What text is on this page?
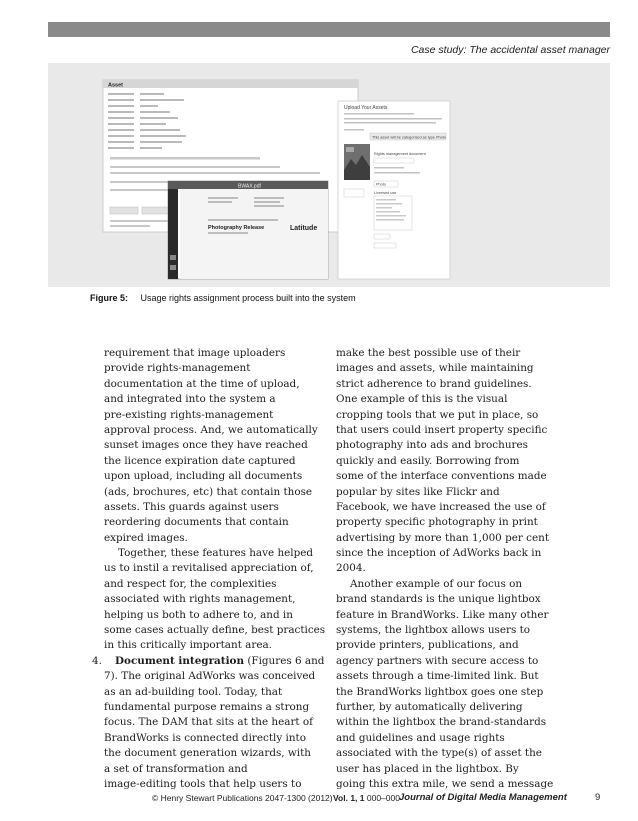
Case study: The accidental asset manager
Asset
BWAX.pdf
Photography Release	Latitude
Upload Your Assets
This asset will be categorised as type Photo
Rights management document
Photo
Licensed use
Figure 5: Usage rights assignment process built into the system
requirement that image uploaders
provide rights-management
documentation at the time of upload,
and integrated into the system a
pre-existing rights-management
approval process. And, we automatically
sunset images once they have reached
the licence expiration date captured
upon upload, including all documents
(ads, brochures, etc) that contain those
assets. This guards against users
reordering documents that contain
expired images.
Together, these features have helped
us to instil a revitalised appreciation of,
and respect for, the complexities
associated with rights management,
helping us both to adhere to, and in
some cases actually define, best practices
in this critically important area.
4. Document integration (Figures 6 and
7). The original AdWorks was conceived
as an ad-building tool. Today, that
fundamental purpose remains a strong
focus. The DAM that sits at the heart of
BrandWorks is connected directly into
the document generation wizards, with
a set of transformation and
image-editing tools that help users to
make the best possible use of their
images and assets, while maintaining
strict adherence to brand guidelines.
One example of this is the visual
cropping tools that we put in place, so
that users could insert property specific
photography into ads and brochures
quickly and easily. Borrowing from
some of the interface conventions made
popular by sites like Flickr and
Facebook, we have increased the use of
property specific photography in print
advertising by more than 1,000 per cent
since the inception of AdWorks back in
2004.
Another example of our focus on
brand standards is the unique lightbox
feature in BrandWorks. Like many other
systems, the lightbox allows users to
provide printers, publications, and
agency partners with secure access to
assets through a time-limited link. But
the BrandWorks lightbox goes one step
further, by automatically delivering
within the lightbox the brand-standards
and guidelines and usage rights
associated with the type(s) of asset the
user has placed in the lightbox. By
going this extra mile, we send a message
© Henry Stewart Publications 2047-1300 (2012) Vol. 1, 1 000–000 Journal of Digital Media Management	9
